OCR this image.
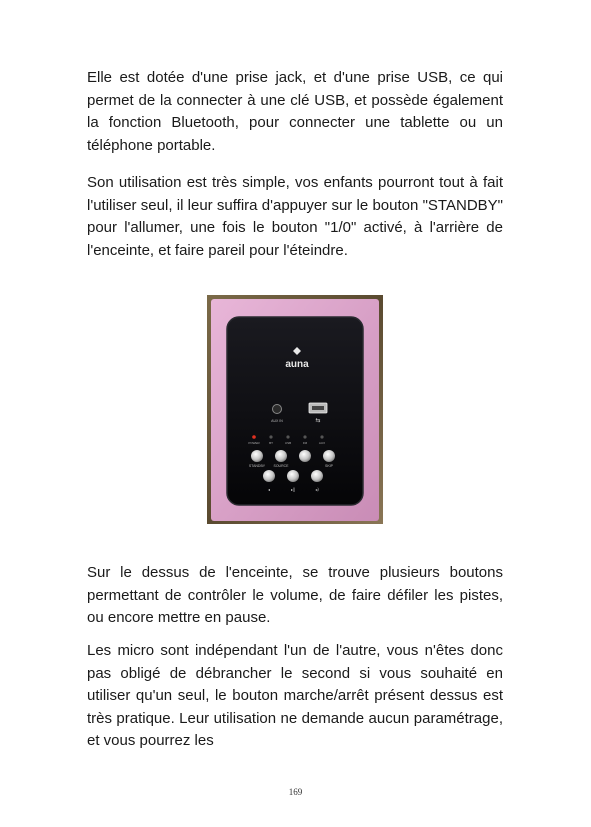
Elle est dotée d'une prise jack, et d'une prise USB, ce qui permet de la connecter à une clé USB, et possède également la fonction Bluetooth, pour connecter une tablette ou un téléphone portable.

Son utilisation est très simple, vos enfants pourront tout à fait l'utiliser seul, il leur suffira d'appuyer sur le bouton "STANDBY" pour l'allumer, une fois le bouton "1/0" activé, à l'arrière de l'enceinte, et faire pareil pour l'éteindre.

auna
AUX IN	⇆
POWER	BT	USB	FM	AUX
STANDBY SOURCE	SKIP
◂	▸‖	◂)

Sur le dessus de l'enceinte, se trouve plusieurs boutons permettant de contrôler le volume, de faire défiler les pistes, ou encore mettre en pause.

Les micro sont indépendant l'un de l'autre, vous n'êtes donc pas obligé de débrancher le second si vous souhaité en utiliser qu'un seul, le bouton marche/arrêt présent dessus est très pratique. Leur utilisation ne demande aucun paramétrage, et vous pourrez les

169
